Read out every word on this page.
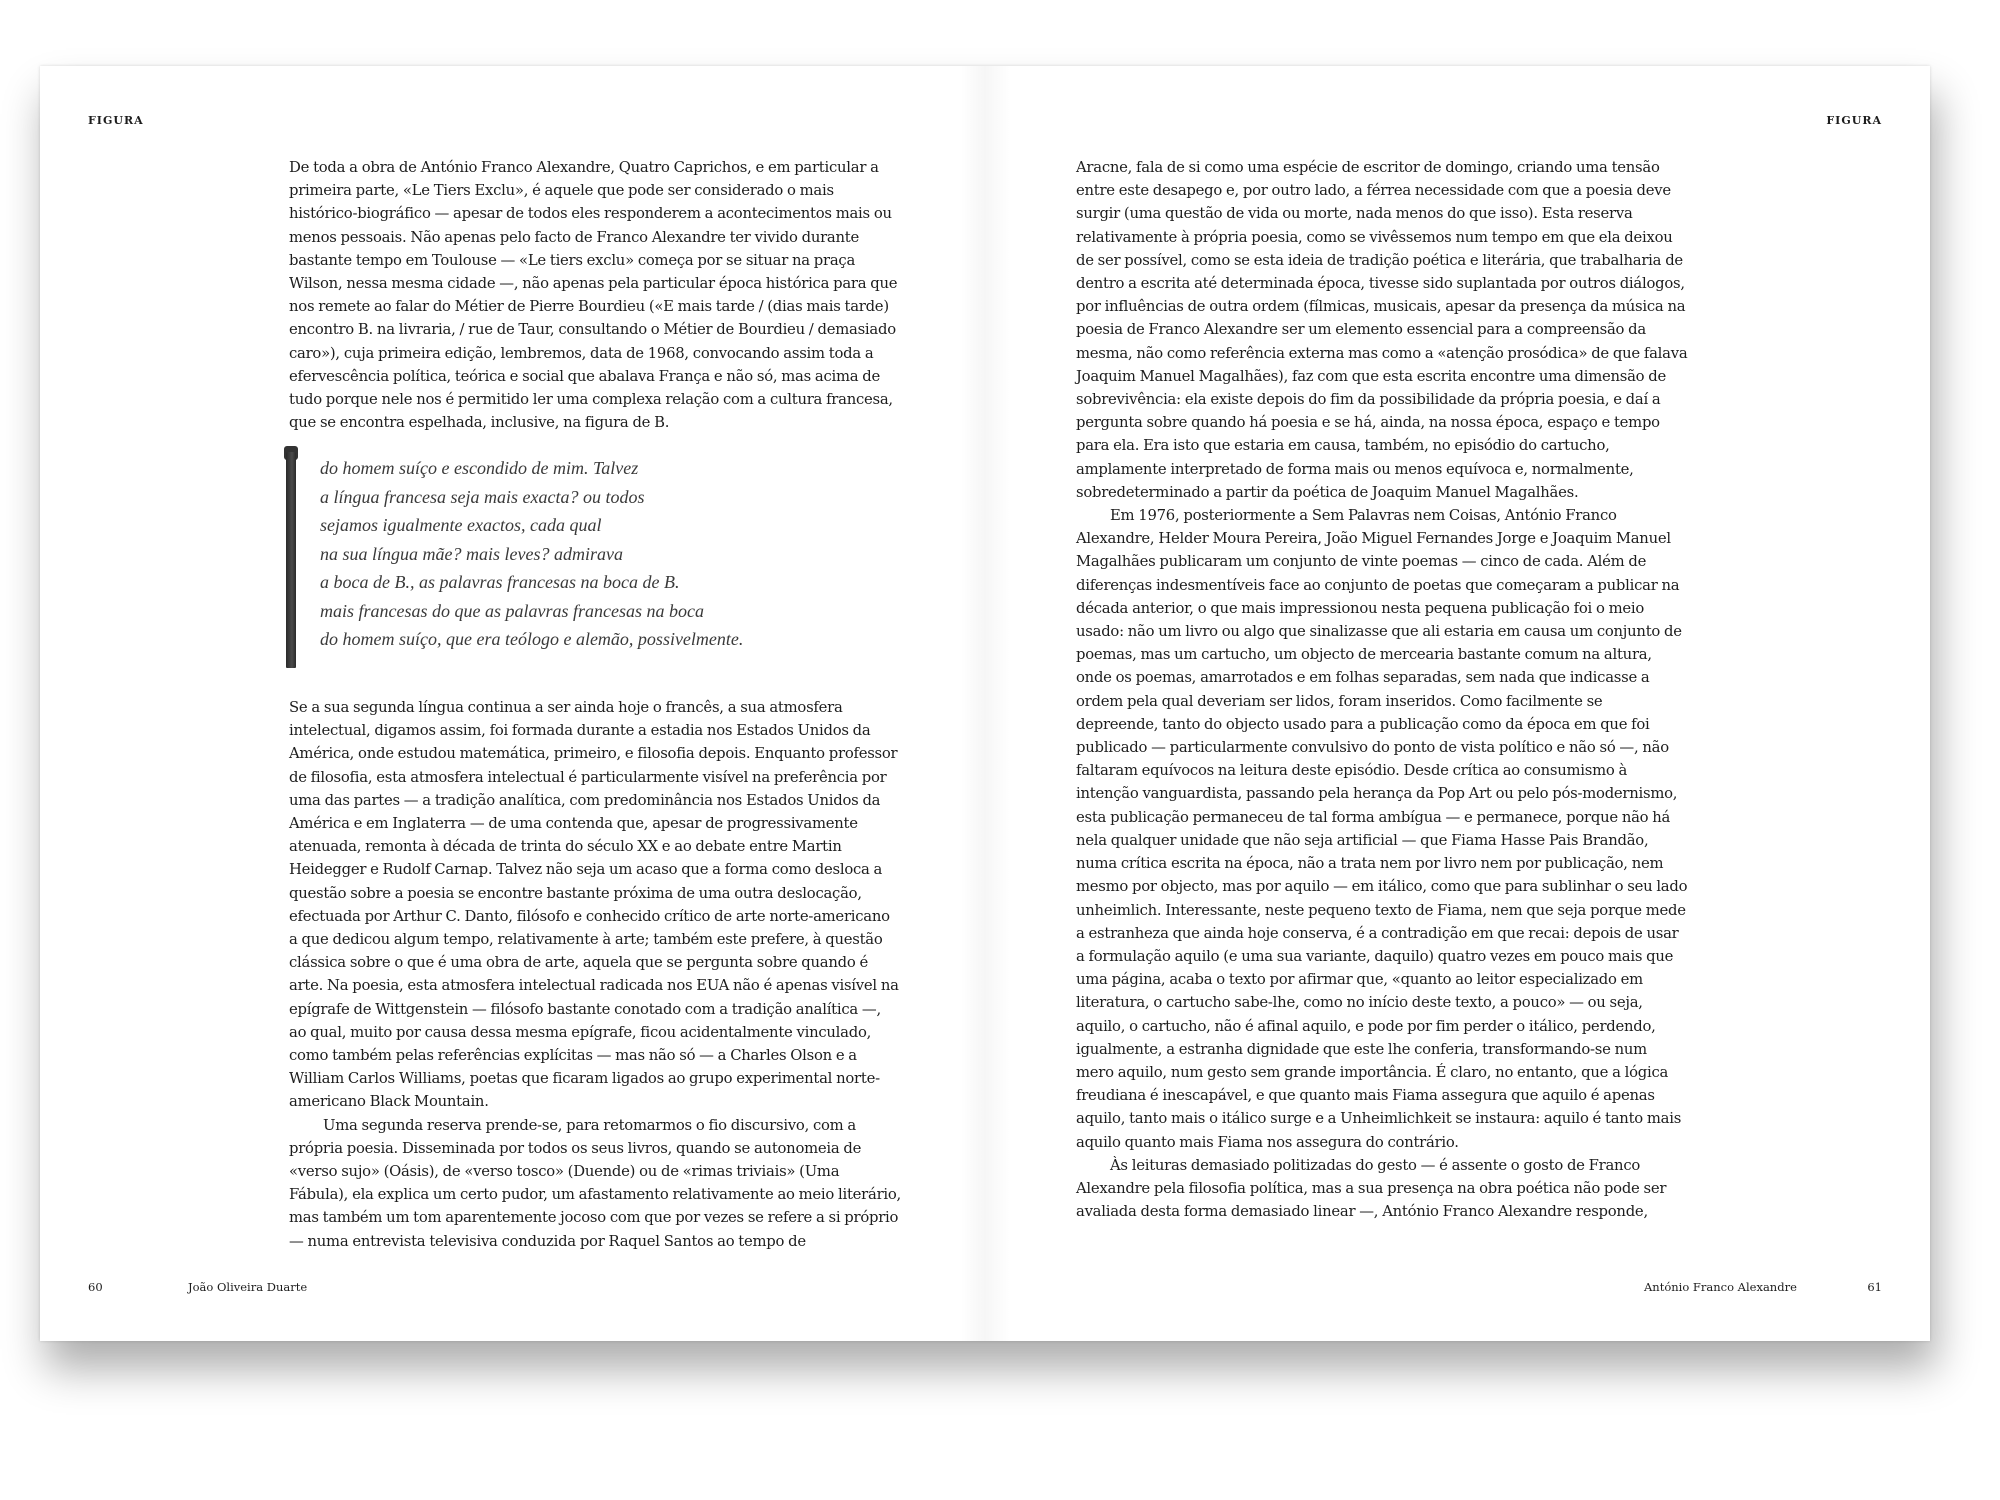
FIGURA	FIGURA

De toda a obra de António Franco Alexandre, Quatro Caprichos, e em particular a primeira parte, «Le Tiers Exclu», é aquele que pode ser considerado o mais histórico-biográfico — apesar de todos eles responderem a acontecimentos mais ou menos pessoais. Não apenas pelo facto de Franco Alexandre ter vivido durante bastante tempo em Toulouse — «Le tiers exclu» começa por se situar na praça Wilson, nessa mesma cidade —, não apenas pela particular época histórica para que nos remete ao falar do Métier de Pierre Bourdieu («E mais tarde / (dias mais tarde) encontro B. na livraria, / rue de Taur, consultando o Métier de Bourdieu / demasiado caro»), cuja primeira edição, lembremos, data de 1968, convocando assim toda a efervescência política, teórica e social que abalava França e não só, mas acima de tudo porque nele nos é permitido ler uma complexa relação com a cultura francesa, que se encontra espelhada, inclusive, na figura de B.

do homem suíço e escondido de mim. Talvez
a língua francesa seja mais exacta? ou todos
sejamos igualmente exactos, cada qual
na sua língua mãe? mais leves? admirava
a boca de B., as palavras francesas na boca de B.
mais francesas do que as palavras francesas na boca
do homem suíço, que era teólogo e alemão, possivelmente.

Se a sua segunda língua continua a ser ainda hoje o francês, a sua atmosfera intelectual, digamos assim, foi formada durante a estadia nos Estados Unidos da América, onde estudou matemática, primeiro, e filosofia depois. Enquanto professor de filosofia, esta atmosfera intelectual é particularmente visível na preferência por uma das partes — a tradição analítica, com predominância nos Estados Unidos da América e em Inglaterra — de uma contenda que, apesar de progressivamente atenuada, remonta à década de trinta do século XX e ao debate entre Martin Heidegger e Rudolf Carnap. Talvez não seja um acaso que a forma como desloca a questão sobre a poesia se encontre bastante próxima de uma outra deslocação, efectuada por Arthur C. Danto, filósofo e conhecido crítico de arte norte-americano a que dedicou algum tempo, relativamente à arte; também este prefere, à questão clássica sobre o que é uma obra de arte, aquela que se pergunta sobre quando é arte. Na poesia, esta atmosfera intelectual radicada nos EUA não é apenas visível na epígrafe de Wittgenstein — filósofo bastante conotado com a tradição analítica —, ao qual, muito por causa dessa mesma epígrafe, ficou acidentalmente vinculado, como também pelas referências explícitas — mas não só — a Charles Olson e a William Carlos Williams, poetas que ficaram ligados ao grupo experimental norte-americano Black Mountain.

Uma segunda reserva prende-se, para retomarmos o fio discursivo, com a própria poesia. Disseminada por todos os seus livros, quando se autonomeia de «verso sujo» (Oásis), de «verso tosco» (Duende) ou de «rimas triviais» (Uma Fábula), ela explica um certo pudor, um afastamento relativamente ao meio literário, mas também um tom aparentemente jocoso com que por vezes se refere a si próprio — numa entrevista televisiva conduzida por Raquel Santos ao tempo de

Aracne, fala de si como uma espécie de escritor de domingo, criando uma tensão entre este desapego e, por outro lado, a férrea necessidade com que a poesia deve surgir (uma questão de vida ou morte, nada menos do que isso). Esta reserva relativamente à própria poesia, como se vivêssemos num tempo em que ela deixou de ser possível, como se esta ideia de tradição poética e literária, que trabalharia de dentro a escrita até determinada época, tivesse sido suplantada por outros diálogos, por influências de outra ordem (fílmicas, musicais, apesar da presença da música na poesia de Franco Alexandre ser um elemento essencial para a compreensão da mesma, não como referência externa mas como a «atenção prosódica» de que falava Joaquim Manuel Magalhães), faz com que esta escrita encontre uma dimensão de sobrevivência: ela existe depois do fim da possibilidade da própria poesia, e daí a pergunta sobre quando há poesia e se há, ainda, na nossa época, espaço e tempo para ela. Era isto que estaria em causa, também, no episódio do cartucho, amplamente interpretado de forma mais ou menos equívoca e, normalmente, sobredeterminado a partir da poética de Joaquim Manuel Magalhães.

Em 1976, posteriormente a Sem Palavras nem Coisas, António Franco Alexandre, Helder Moura Pereira, João Miguel Fernandes Jorge e Joaquim Manuel Magalhães publicaram um conjunto de vinte poemas — cinco de cada. Além de diferenças indesmentíveis face ao conjunto de poetas que começaram a publicar na década anterior, o que mais impressionou nesta pequena publicação foi o meio usado: não um livro ou algo que sinalizasse que ali estaria em causa um conjunto de poemas, mas um cartucho, um objecto de mercearia bastante comum na altura, onde os poemas, amarrotados e em folhas separadas, sem nada que indicasse a ordem pela qual deveriam ser lidos, foram inseridos. Como facilmente se depreende, tanto do objecto usado para a publicação como da época em que foi publicado — particularmente convulsivo do ponto de vista político e não só —, não faltaram equívocos na leitura deste episódio. Desde crítica ao consumismo à intenção vanguardista, passando pela herança da Pop Art ou pelo pós-modernismo, esta publicação permaneceu de tal forma ambígua — e permanece, porque não há nela qualquer unidade que não seja artificial — que Fiama Hasse Pais Brandão, numa crítica escrita na época, não a trata nem por livro nem por publicação, nem mesmo por objecto, mas por aquilo — em itálico, como que para sublinhar o seu lado unheimlich. Interessante, neste pequeno texto de Fiama, nem que seja porque mede a estranheza que ainda hoje conserva, é a contradição em que recai: depois de usar a formulação aquilo (e uma sua variante, daquilo) quatro vezes em pouco mais que uma página, acaba o texto por afirmar que, «quanto ao leitor especializado em literatura, o cartucho sabe-lhe, como no início deste texto, a pouco» — ou seja, aquilo, o cartucho, não é afinal aquilo, e pode por fim perder o itálico, perdendo, igualmente, a estranha dignidade que este lhe conferia, transformando-se num mero aquilo, num gesto sem grande importância. É claro, no entanto, que a lógica freudiana é inescapável, e que quanto mais Fiama assegura que aquilo é apenas aquilo, tanto mais o itálico surge e a Unheimlichkeit se instaura: aquilo é tanto mais aquilo quanto mais Fiama nos assegura do contrário.

Às leituras demasiado politizadas do gesto — é assente o gosto de Franco Alexandre pela filosofia política, mas a sua presença na obra poética não pode ser avaliada desta forma demasiado linear —, António Franco Alexandre responde,

60	João Oliveira Duarte	António Franco Alexandre	61
